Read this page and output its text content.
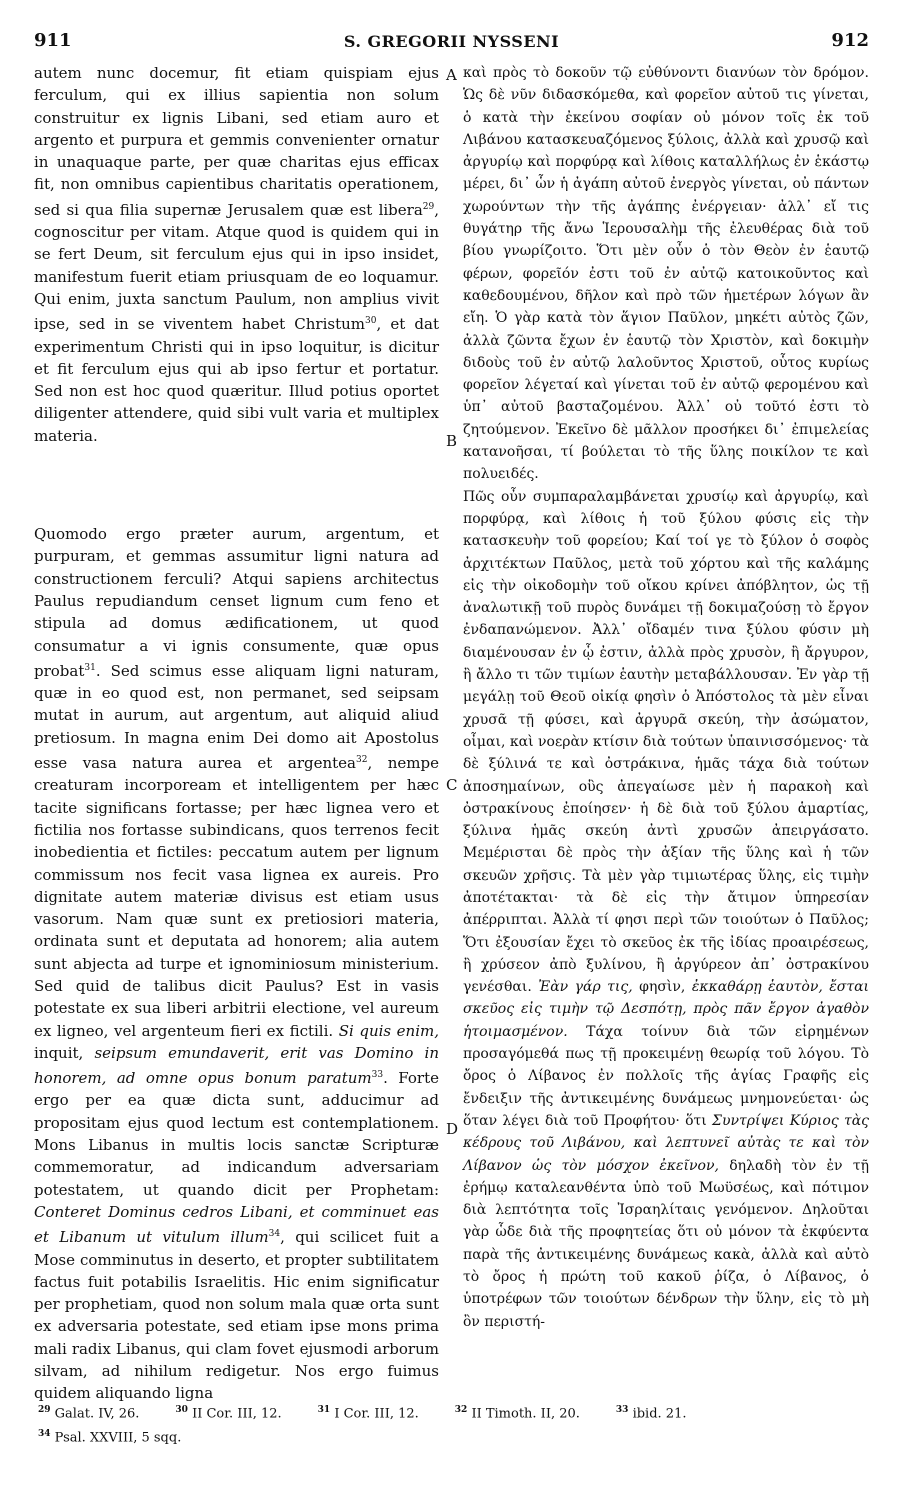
911	S. GREGORII NYSSENI	912

autem nunc docemur, fit etiam quispiam ejus ferculum, qui ex illius sapientia non solum construitur ex lignis Libani, sed etiam auro et argento et purpura et gemmis convenienter ornatur in unaquaque parte, per quæ charitas ejus efficax fit, non omnibus capientibus charitatis operationem, sed si qua filia supernæ Jerusalem quæ est libera$^{29}$, cognoscitur per vitam. Atque quod is quidem qui in se fert Deum, sit ferculum ejus qui in ipso insidet, manifestum fuerit etiam priusquam de eo loquamur. Qui enim, juxta sanctum Paulum, non amplius vivit ipse, sed in se viventem habet Christum$^{30}$, et dat experimentum Christi qui in ipso loquitur, is dicitur et fit ferculum ejus qui ab ipso fertur et portatur. Sed non est hoc quod quæritur. Illud potius oportet diligenter attendere, quid sibi vult varia et multiplex materia.

Quomodo ergo præter aurum, argentum, et purpuram, et gemmas assumitur ligni natura ad constructionem ferculi? Atqui sapiens architectus Paulus repudiandum censet lignum cum feno et stipula ad domus ædificationem, ut quod consumatur a vi ignis consumente, quæ opus probat$^{31}$. Sed scimus esse aliquam ligni naturam, quæ in eo quod est, non permanet, sed seipsam mutat in aurum, aut argentum, aut aliquid aliud pretiosum. In magna enim Dei domo ait Apostolus esse vasa natura aurea et argentea$^{32}$, nempe creaturam incorpoream et intelligentem per hæc tacite significans fortasse; per hæc lignea vero et fictilia nos fortasse subindicans, quos terrenos fecit inobedientia et fictiles: peccatum autem per lignum commissum nos fecit vasa lignea ex aureis. Pro dignitate autem materiæ divisus est etiam usus vasorum. Nam quæ sunt ex pretiosiori materia, ordinata sunt et deputata ad honorem; alia autem sunt abjecta ad turpe et ignominiosum ministerium. Sed quid de talibus dicit Paulus? Est in vasis potestate ex sua liberi arbitrii electione, vel aureum ex ligneo, vel argenteum fieri ex fictili. Si quis enim, inquit, seipsum emundaverit, erit vas Domino in honorem, ad omne opus bonum paratum$^{33}$. Forte ergo per ea quæ dicta sunt, adducimur ad propositam ejus quod lectum est contemplationem. Mons Libanus in multis locis sanctæ Scripturæ commemoratur, ad indicandum adversariam potestatem, ut quando dicit per Prophetam: Conteret Dominus cedros Libani, et comminuet eas et Libanum ut vitulum illum$^{34}$, qui scilicet fuit a Mose comminutus in deserto, et propter subtilitatem factus fuit potabilis Israelitis. Hic enim significatur per prophetiam, quod non solum mala quæ orta sunt ex adversaria potestate, sed etiam ipse mons prima mali radix Libanus, qui clam fovet ejusmodi arborum silvam, ad nihilum redigetur. Nos ergo fuimus quidem aliquando ligna

A
B
C
D

καὶ πρὸς τὸ δοκοῦν τῷ εὐθύνοντι διανύων τὸν δρόμον. Ὡς δὲ νῦν διδασκόμεθα, καὶ φορεῖον αὐτοῦ τις γίνεται, ὁ κατὰ τὴν ἐκείνου σοφίαν οὐ μόνον τοῖς ἐκ τοῦ Λιβάνου κατασκευαζόμενος ξύλοις, ἀλλὰ καὶ χρυσῷ καὶ ἀργυρίῳ καὶ πορφύρᾳ καὶ λίθοις καταλλήλως ἐν ἑκάστῳ μέρει, δι᾽ ὧν ἡ ἀγάπη αὐτοῦ ἐνεργὸς γίνεται, οὐ πάντων χωρούντων τὴν τῆς ἀγάπης ἐνέργειαν· ἀλλ᾽ εἴ τις θυγάτηρ τῆς ἄνω Ἱερουσαλὴμ τῆς ἐλευθέρας διὰ τοῦ βίου γνωρίζοιτο. Ὅτι μὲν οὖν ὁ τὸν Θεὸν ἐν ἑαυτῷ φέρων, φορεῖόν ἐστι τοῦ ἐν αὐτῷ κατοικοῦντος καὶ καθεδουμένου, δῆλον καὶ πρὸ τῶν ἡμετέρων λόγων ἂν εἴη. Ὁ γὰρ κατὰ τὸν ἅγιον Παῦλον, μηκέτι αὐτὸς ζῶν, ἀλλὰ ζῶντα ἔχων ἐν ἑαυτῷ τὸν Χριστὸν, καὶ δοκιμὴν διδοὺς τοῦ ἐν αὐτῷ λαλοῦντος Χριστοῦ, οὗτος κυρίως φορεῖον λέγεταί καὶ γίνεται τοῦ ἐν αὐτῷ φερομένου καὶ ὑπ᾽ αὐτοῦ βασταζομένου. Ἀλλ᾽ οὐ τοῦτό ἐστι τὸ ζητούμενον. Ἐκεῖνο δὲ μᾶλλον προσήκει δι᾽ ἐπιμελείας κατανοῆσαι, τί βούλεται τὸ τῆς ὕλης ποικίλον τε καὶ πολυειδές.

Πῶς οὖν συμπαραλαμβάνεται χρυσίῳ καὶ ἀργυρίῳ, καὶ πορφύρᾳ, καὶ λίθοις ἡ τοῦ ξύλου φύσις εἰς τὴν κατασκευὴν τοῦ φορείου; Καί τοί γε τὸ ξύλον ὁ σοφὸς ἀρχιτέκτων Παῦλος, μετὰ τοῦ χόρτου καὶ τῆς καλάμης εἰς τὴν οἰκοδομὴν τοῦ οἴκου κρίνει ἀπόβλητον, ὡς τῇ ἀναλωτικῇ τοῦ πυρὸς δυνάμει τῇ δοκιμαζούσῃ τὸ ἔργον ἐνδαπανώμενον. Ἀλλ᾽ οἴδαμέν τινα ξύλου φύσιν μὴ διαμένουσαν ἐν ᾧ ἐστιν, ἀλλὰ πρὸς χρυσὸν, ἢ ἄργυρον, ἢ ἄλλο τι τῶν τιμίων ἑαυτὴν μεταβάλλουσαν. Ἐν γὰρ τῇ μεγάλῃ τοῦ Θεοῦ οἰκίᾳ φησὶν ὁ Ἀπόστολος τὰ μὲν εἶναι χρυσᾶ τῇ φύσει, καὶ ἀργυρᾶ σκεύη, τὴν ἀσώματον, οἶμαι, καὶ νοερὰν κτίσιν διὰ τούτων ὑπαινισσόμενος· τὰ δὲ ξύλινά τε καὶ ὀστράκινα, ἡμᾶς τάχα διὰ τούτων ἀποσημαίνων, οὓς ἀπεγαίωσε μὲν ἡ παρακοὴ καὶ ὀστρακίνους ἐποίησεν· ἡ δὲ διὰ τοῦ ξύλου ἁμαρτίας, ξύλινα ἡμᾶς σκεύη ἀντὶ χρυσῶν ἀπειργάσατο. Μεμέρισται δὲ πρὸς τὴν ἀξίαν τῆς ὕλης καὶ ἡ τῶν σκευῶν χρῆσις. Τὰ μὲν γὰρ τιμιωτέρας ὕλης, εἰς τιμὴν ἀποτέτακται· τὰ δὲ εἰς τὴν ἄτιμον ὑπηρεσίαν ἀπέρριπται. Ἀλλὰ τί φησι περὶ τῶν τοιούτων ὁ Παῦλος; Ὅτι ἐξουσίαν ἔχει τὸ σκεῦος ἐκ τῆς ἰδίας προαιρέσεως, ἢ χρύσεον ἀπὸ ξυλίνου, ἢ ἀργύρεον ἀπ᾽ ὀστρακίνου γενέσθαι. Ἐὰν γάρ τις, φησὶν, ἐκκαθάρῃ ἑαυτὸν, ἔσται σκεῦος εἰς τιμὴν τῷ Δεσπότῃ, πρὸς πᾶν ἔργον ἀγαθὸν ἡτοιμασμένον. Τάχα τοίνυν διὰ τῶν εἰρημένων προσαγόμεθά πως τῇ προκειμένῃ θεωρίᾳ τοῦ λόγου. Τὸ ὄρος ὁ Λίβανος ἐν πολλοῖς τῆς ἁγίας Γραφῆς εἰς ἔνδειξιν τῆς ἀντικειμένης δυνάμεως μνημονεύεται· ὡς ὅταν λέγει διὰ τοῦ Προφήτου· ὅτι Συντρίψει Κύριος τὰς κέδρους τοῦ Λιβάνου, καὶ λεπτυνεῖ αὐτὰς τε καὶ τὸν Λίβανον ὡς τὸν μόσχον ἐκεῖνον, δηλαδὴ τὸν ἐν τῇ ἐρήμῳ καταλεανθέντα ὑπὸ τοῦ Μωϋσέως, καὶ πότιμον διὰ λεπτότητα τοῖς Ἰσραηλίταις γενόμενον. Δηλοῦται γὰρ ὧδε διὰ τῆς προφητείας ὅτι οὐ μόνον τὰ ἐκφύεντα παρὰ τῆς ἀντικειμένης δυνάμεως κακὰ, ἀλλὰ καὶ αὐτὸ τὸ ὄρος ἡ πρώτη τοῦ κακοῦ ῥίζα, ὁ Λίβανος, ὁ ὑποτρέφων τῶν τοιούτων δένδρων τὴν ὕλην, εἰς τὸ μὴ ὂν περιστή-

$^{29}$ Galat. IV, 26.	$^{30}$ II Cor. III, 12.	$^{31}$ I Cor. III, 12.	$^{32}$ II Timoth. II, 20.	$^{33}$ ibid. 21.
$^{34}$ Psal. XXVIII, 5 sqq.
